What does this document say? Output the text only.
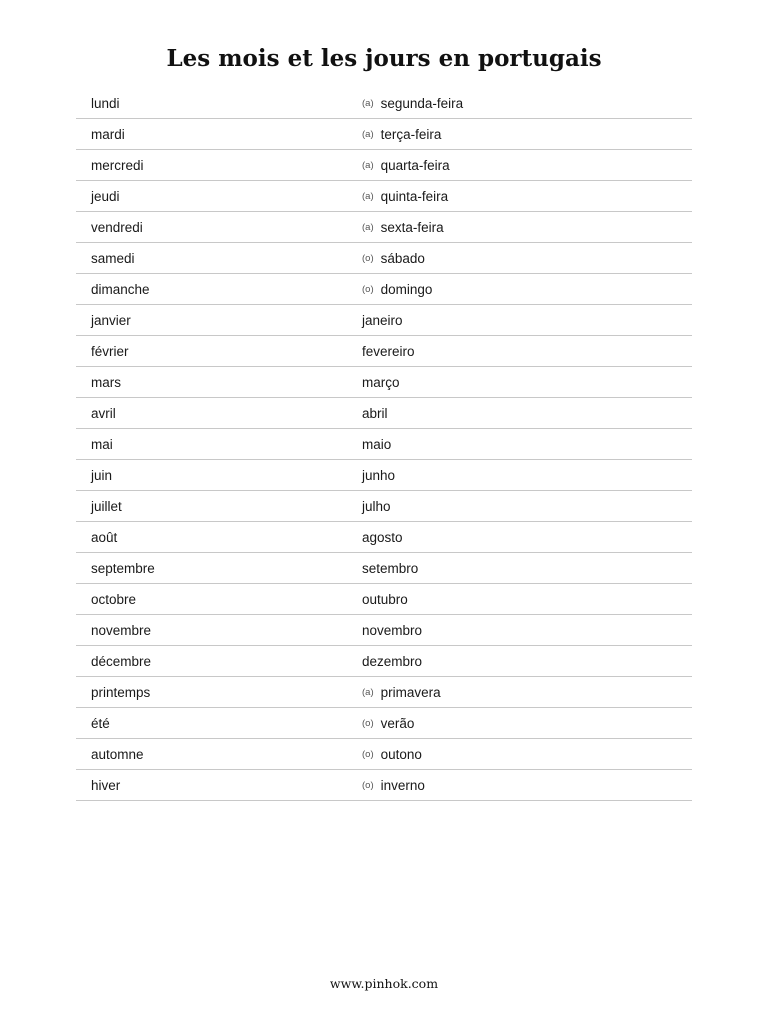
Les mois et les jours en portugais
lundi	(a) segunda-feira
mardi	(a) terça-feira
mercredi	(a) quarta-feira
jeudi	(a) quinta-feira
vendredi	(a) sexta-feira
samedi	(o) sábado
dimanche	(o) domingo
janvier	janeiro
février	fevereiro
mars	março
avril	abril
mai	maio
juin	junho
juillet	julho
août	agosto
septembre	setembro
octobre	outubro
novembre	novembro
décembre	dezembro
printemps	(a) primavera
été	(o) verão
automne	(o) outono
hiver	(o) inverno
www.pinhok.com
